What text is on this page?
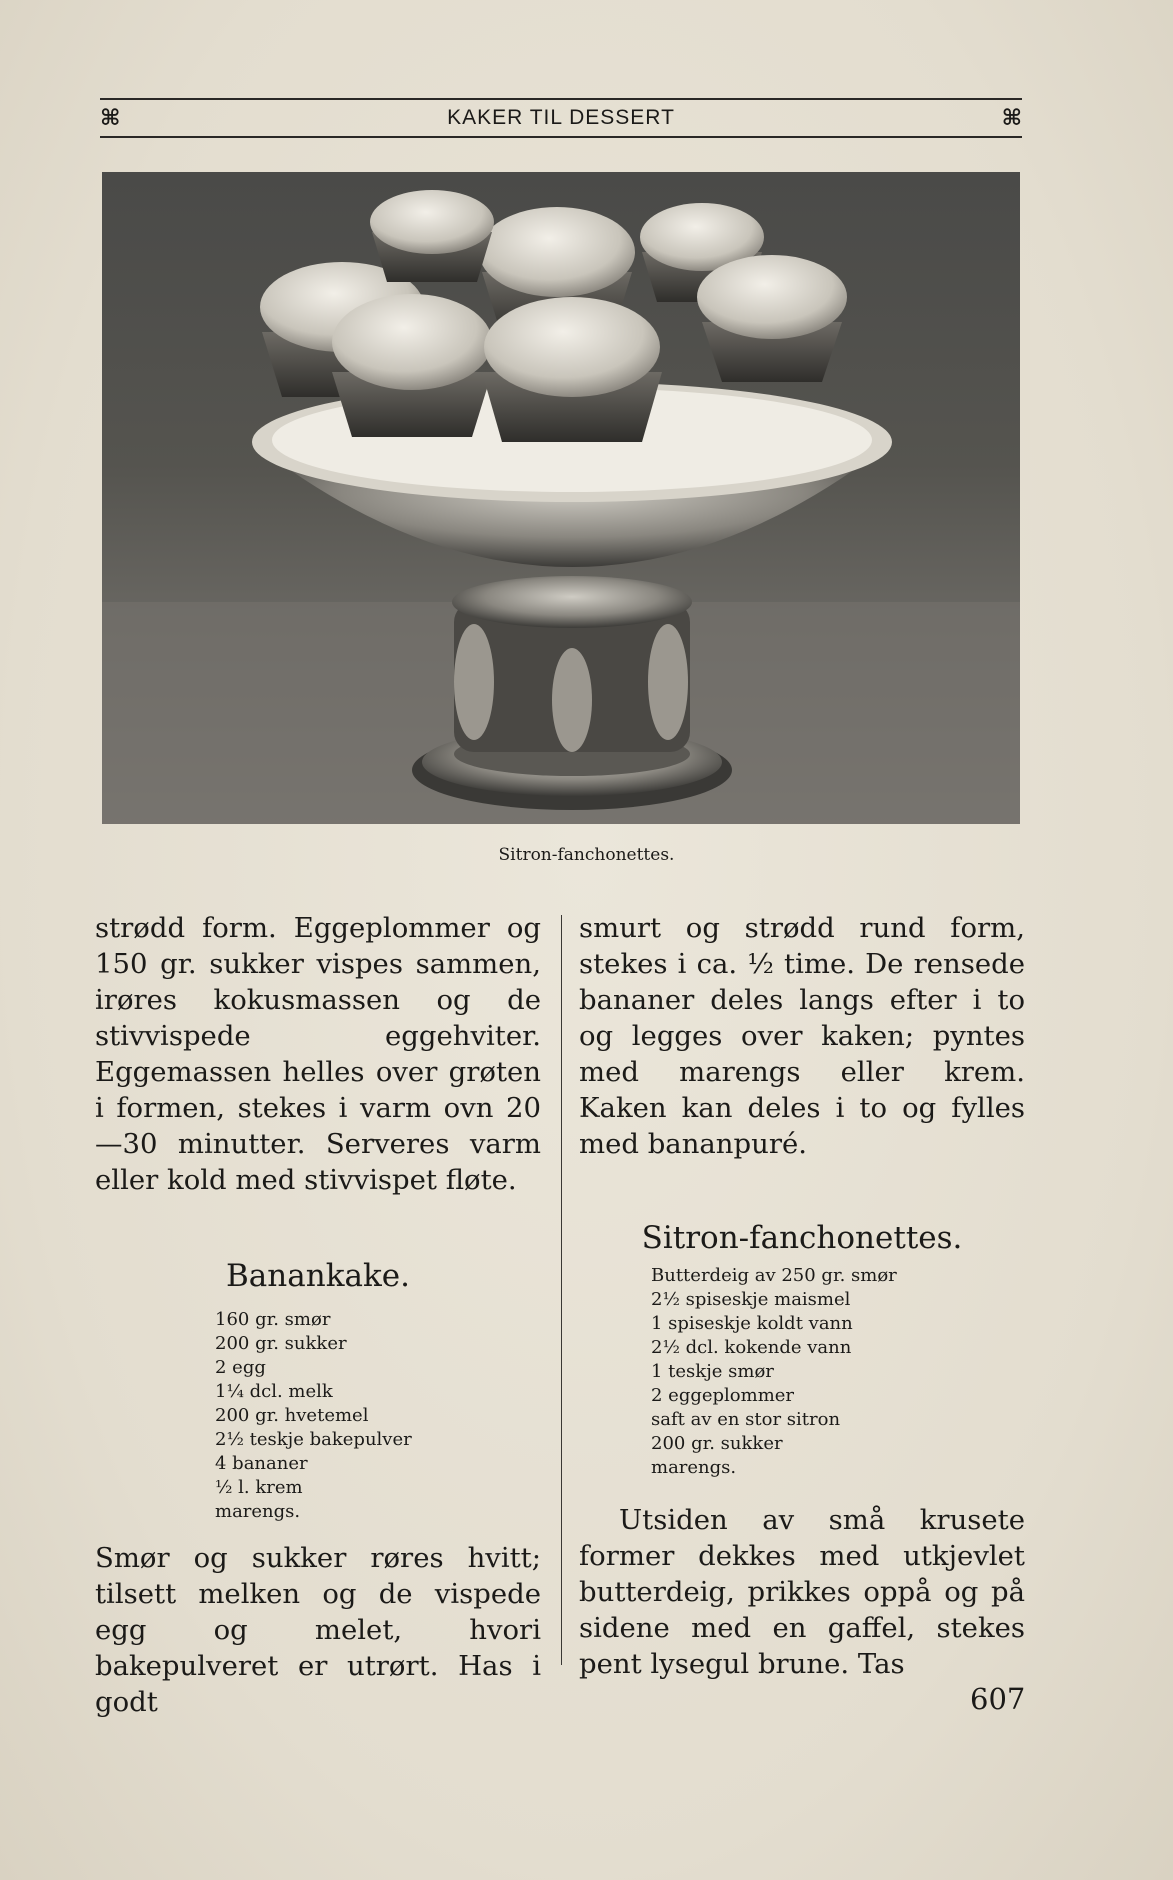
⌘	KAKER TIL DESSERT	⌘
Sitron-fanchonettes.

strødd form. Eggeplommer og 150 gr. sukker vispes sammen, irøres kokusmassen og de stivvispede eggehviter. Eggemassen helles over grøten i formen, stekes i varm ovn 20—30 minutter. Serveres varm eller kold med stivvispet fløte.

Banankake.
160 gr. smør
200 gr. sukker
2 egg
1¼ dcl. melk
200 gr. hvetemel
2½ teskje bakepulver
4 bananer
½ l. krem
marengs.

Smør og sukker røres hvitt; tilsett melken og de vispede egg og melet, hvori bakepulveret er utrørt. Has i godt

smurt og strødd rund form, stekes i ca. ½ time. De rensede bananer deles langs efter i to og legges over kaken; pyntes med marengs eller krem. Kaken kan deles i to og fylles med bananpuré.

Sitron-fanchonettes.
Butterdeig av 250 gr. smør
2½ spiseskje maismel
1 spiseskje koldt vann
2½ dcl. kokende vann
1 teskje smør
2 eggeplommer
saft av en stor sitron
200 gr. sukker
marengs.

Utsiden av små krusete former dekkes med utkjevlet butterdeig, prikkes oppå og på sidene med en gaffel, stekes pent lysegul brune. Tas

607
